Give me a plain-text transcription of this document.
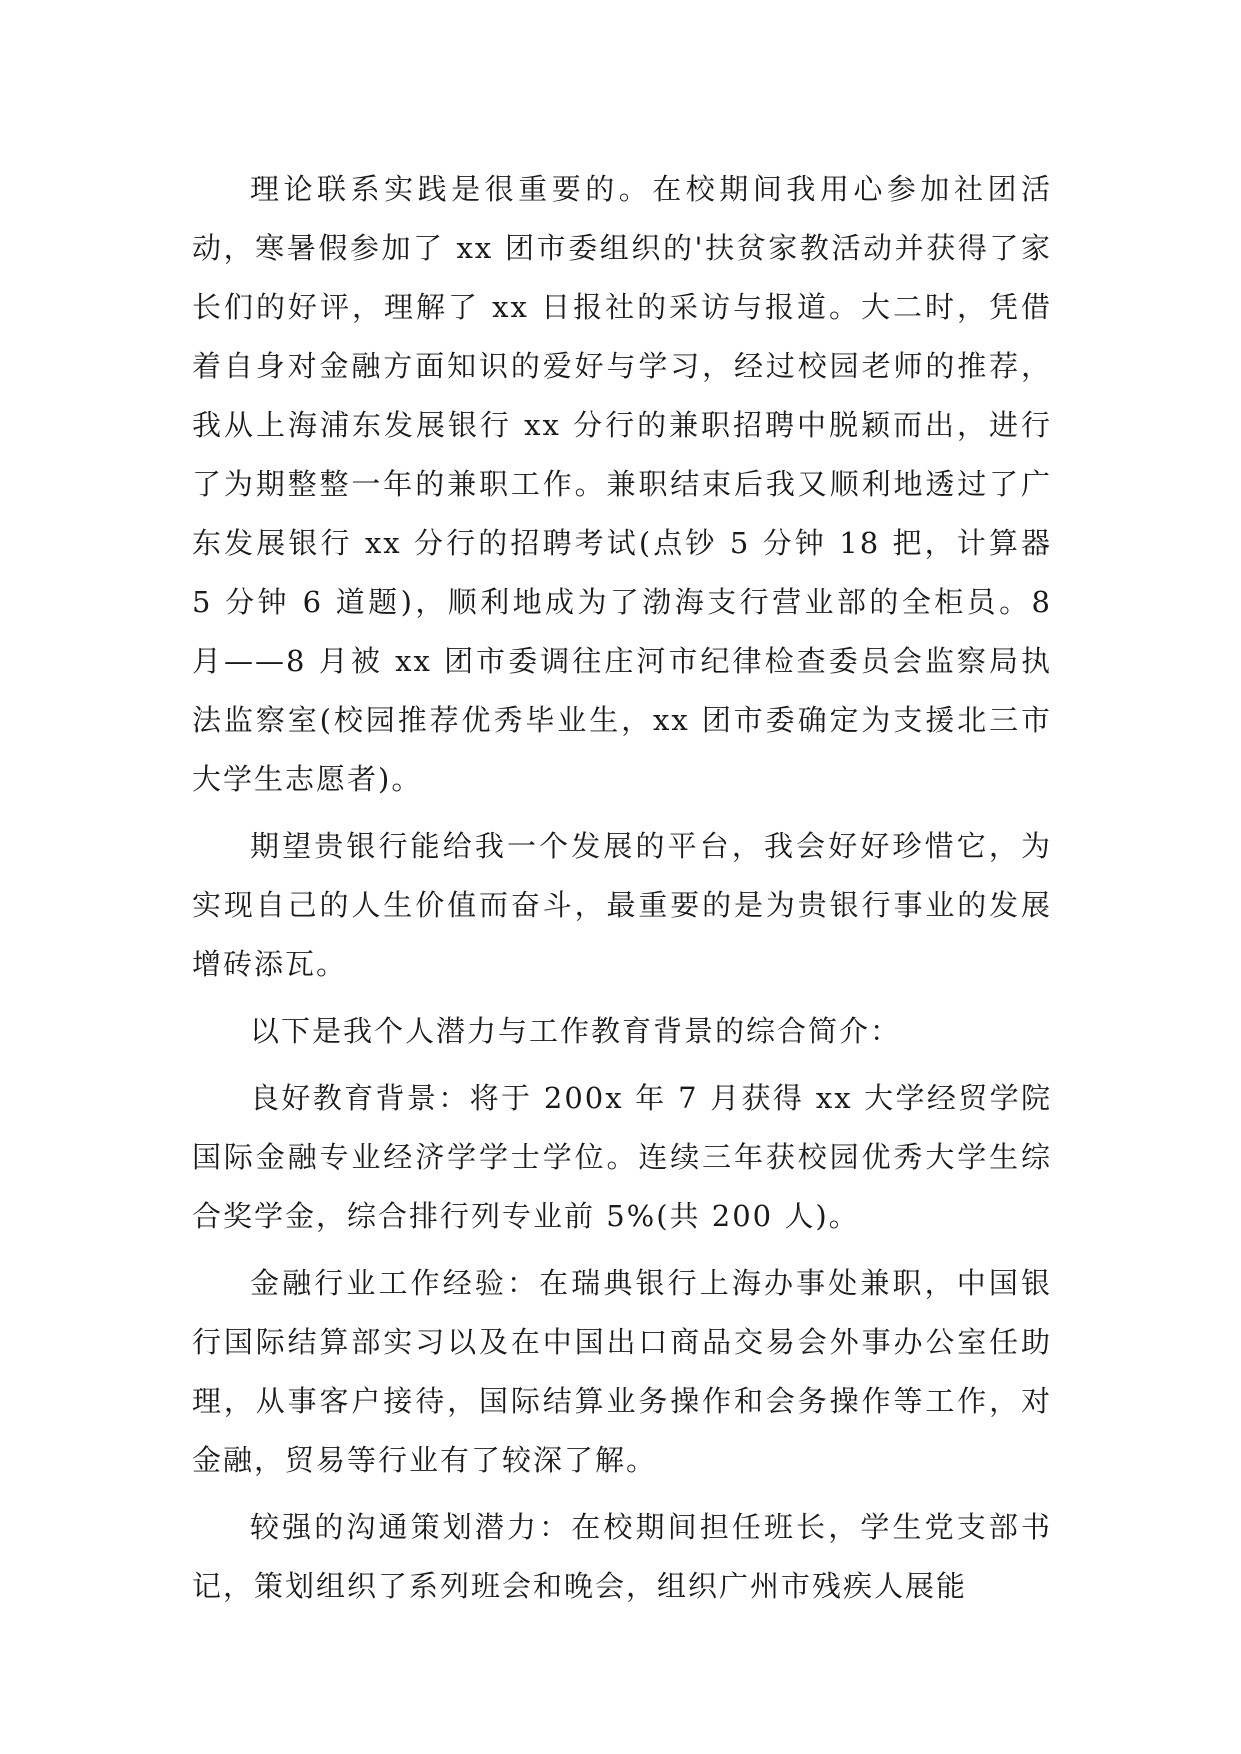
理论联系实践是很重要的。在校期间我用心参加社团活动，寒暑假参加了 xx 团市委组织的'扶贫家教活动并获得了家长们的好评，理解了 xx 日报社的采访与报道。大二时，凭借着自身对金融方面知识的爱好与学习，经过校园老师的推荐，我从上海浦东发展银行 xx 分行的兼职招聘中脱颖而出，进行了为期整整一年的兼职工作。兼职结束后我又顺利地透过了广东发展银行 xx 分行的招聘考试(点钞 5 分钟 18 把，计算器 5 分钟 6 道题)，顺利地成为了渤海支行营业部的全柜员。8 月——8 月被 xx 团市委调往庄河市纪律检查委员会监察局执法监察室(校园推荐优秀毕业生，xx 团市委确定为支援北三市大学生志愿者)。

期望贵银行能给我一个发展的平台，我会好好珍惜它，为实现自己的人生价值而奋斗，最重要的是为贵银行事业的发展增砖添瓦。

以下是我个人潜力与工作教育背景的综合简介：

良好教育背景：将于 200x 年 7 月获得 xx 大学经贸学院国际金融专业经济学学士学位。连续三年获校园优秀大学生综合奖学金，综合排行列专业前 5%(共 200 人)。

金融行业工作经验：在瑞典银行上海办事处兼职，中国银行国际结算部实习以及在中国出口商品交易会外事办公室任助理，从事客户接待，国际结算业务操作和会务操作等工作，对金融，贸易等行业有了较深了解。

较强的沟通策划潜力：在校期间担任班长，学生党支部书记，策划组织了系列班会和晚会，组织广州市残疾人展能
